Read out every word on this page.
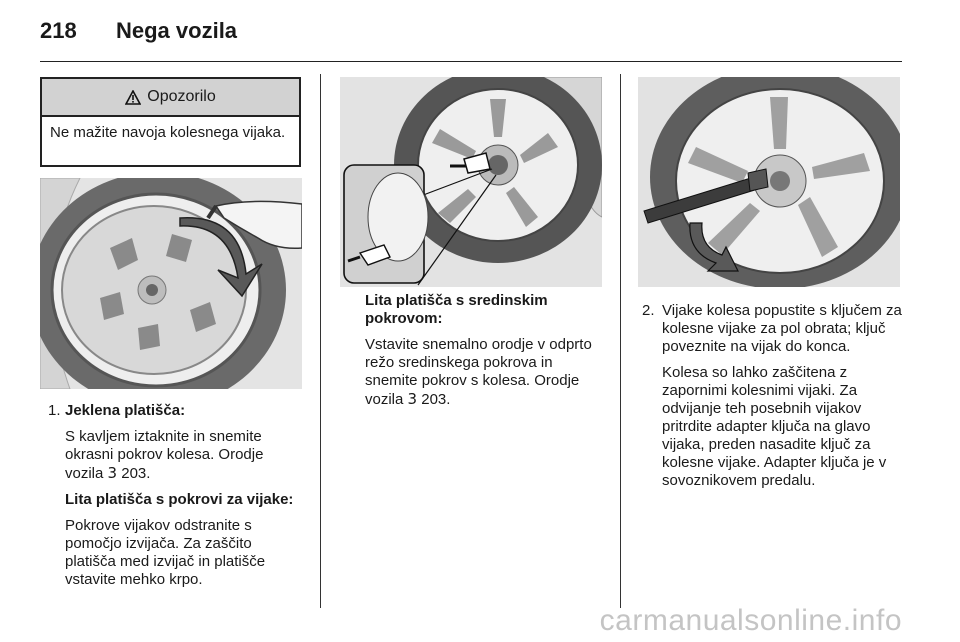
218 Nega vozila
Opozorilo
Ne mažite navoja kolesnega vijaka.
1. Jeklena platišča:

S kavljem iztaknite in snemite okrasni pokrov kolesa. Orodje vozila 3 203.

Lita platišča s pokrovi za vijake:

Pokrove vijakov odstranite s pomočjo izvijača. Za zaščito platišča med izvijač in platišče vstavite mehko krpo.

Lita platišča s sredinskim pokrovom:

Vstavite snemalno orodje v odprto režo sredinskega pokrova in snemite pokrov s kolesa. Orodje vozila 3 203.

2. Vijake kolesa popustite s ključem za kolesne vijake za pol obrata; ključ poveznite na vijak do konca.

Kolesa so lahko zaščitena z zapornimi kolesnimi vijaki. Za odvijanje teh posebnih vijakov pritrdite adapter ključa na glavo vijaka, preden nasadite ključ za kolesne vijake. Adapter ključa je v sovoznikovem predalu.

carmanualsonline.info
